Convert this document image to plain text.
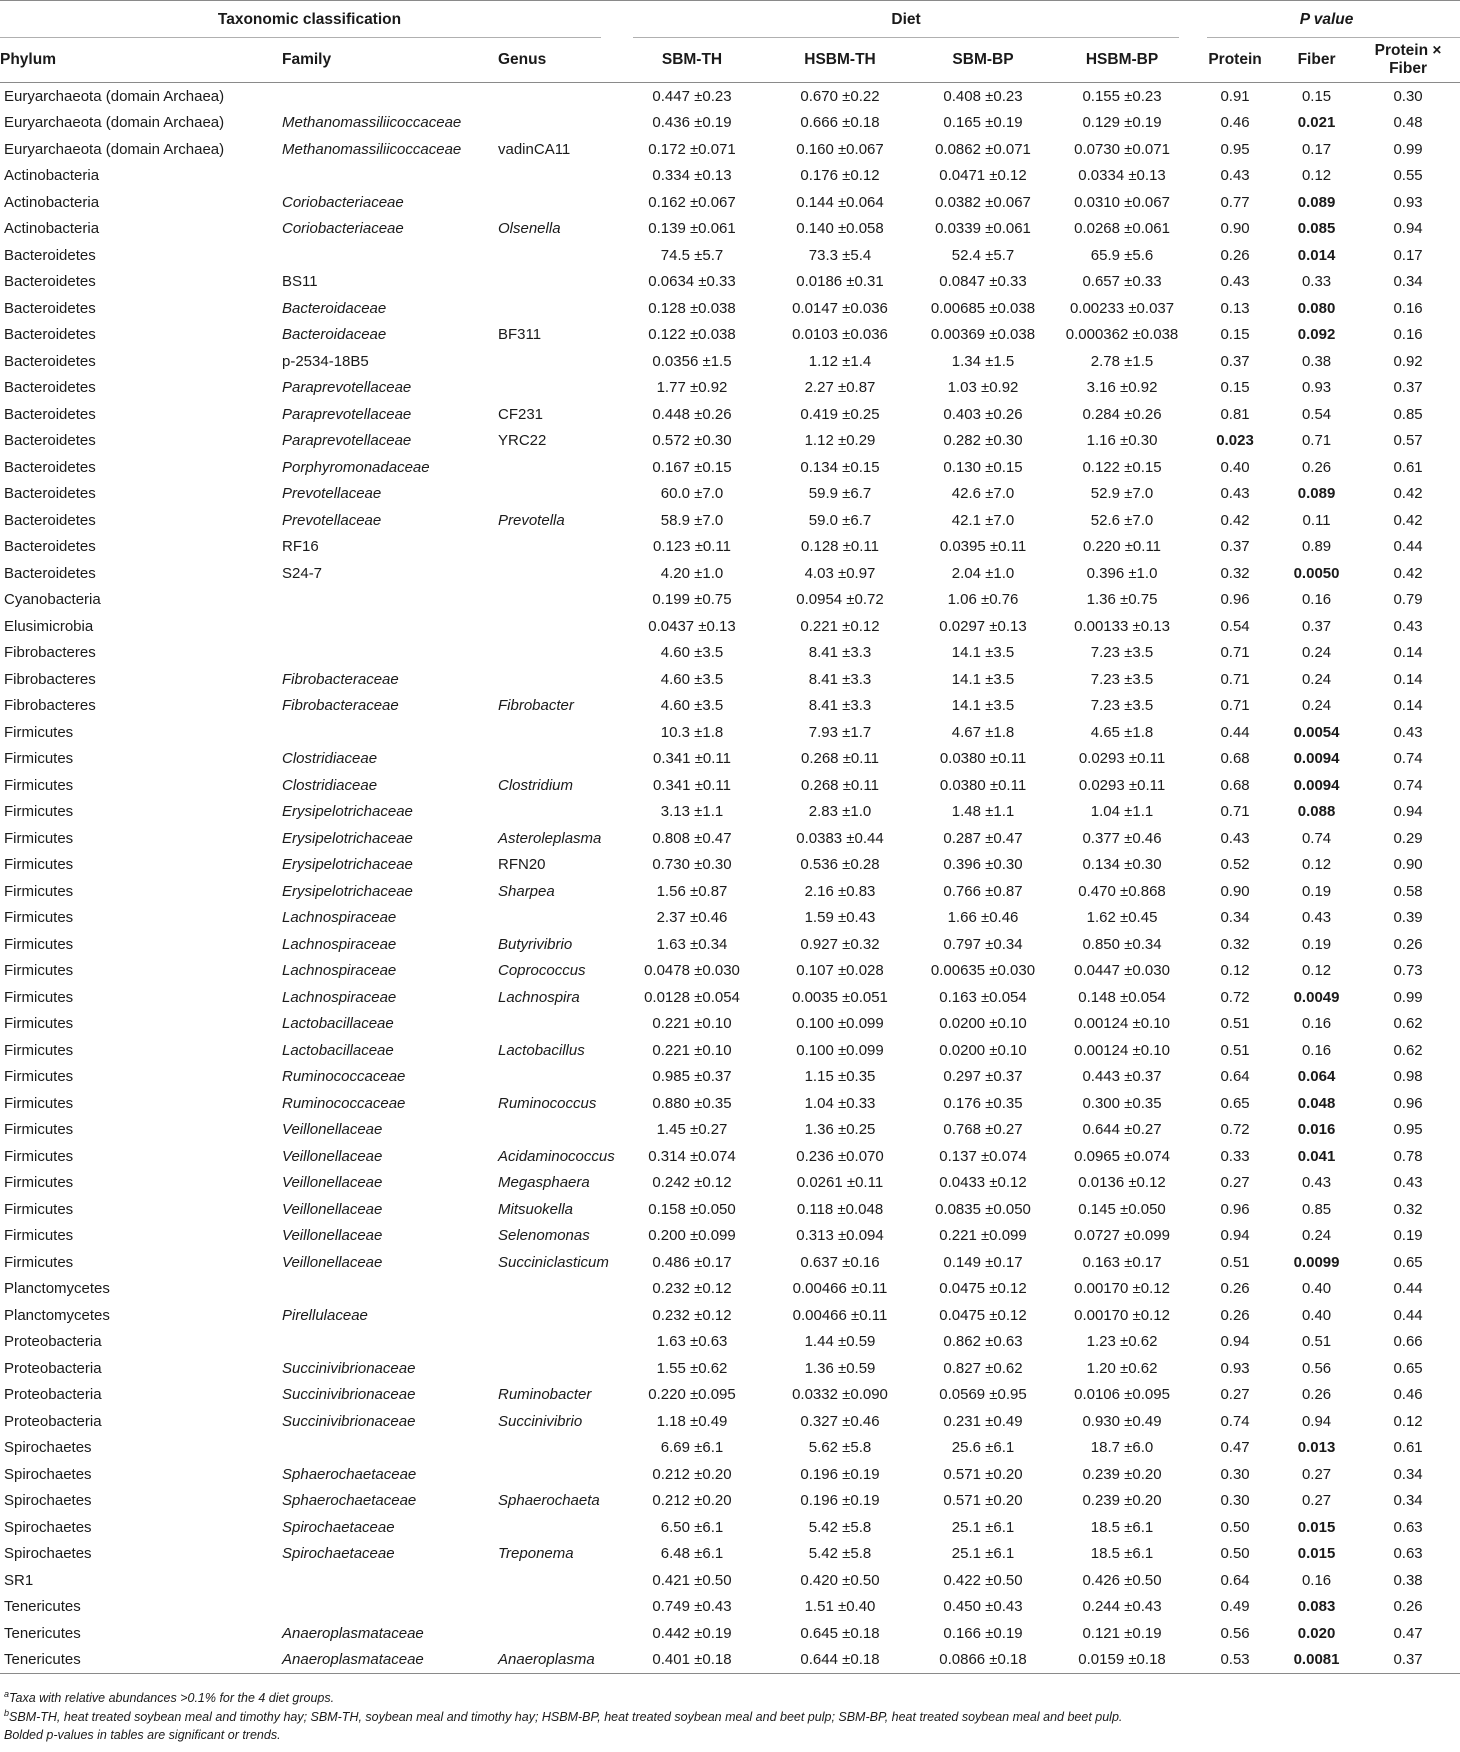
Taxonomic classification			Diet				P value		

Phylum	Family	Genus	SBM-TH	HSBM-TH	SBM-BP	HSBM-BP	Protein	Fiber	Protein × Fiber
Euryarchaeota (domain Archaea)			0.447 ±0.23	0.670 ±0.22	0.408 ±0.23	0.155 ±0.23	0.91	0.15	0.30
Euryarchaeota (domain Archaea)	Methanomassiliicoccaceae		0.436 ±0.19	0.666 ±0.18	0.165 ±0.19	0.129 ±0.19	0.46	0.021	0.48
Euryarchaeota (domain Archaea)	Methanomassiliicoccaceae	vadinCA11	0.172 ±0.071	0.160 ±0.067	0.0862 ±0.071	0.0730 ±0.071	0.95	0.17	0.99
Actinobacteria			0.334 ±0.13	0.176 ±0.12	0.0471 ±0.12	0.0334 ±0.13	0.43	0.12	0.55
Actinobacteria	Coriobacteriaceae		0.162 ±0.067	0.144 ±0.064	0.0382 ±0.067	0.0310 ±0.067	0.77	0.089	0.93
Actinobacteria	Coriobacteriaceae	Olsenella	0.139 ±0.061	0.140 ±0.058	0.0339 ±0.061	0.0268 ±0.061	0.90	0.085	0.94
Bacteroidetes			74.5 ±5.7	73.3 ±5.4	52.4 ±5.7	65.9 ±5.6	0.26	0.014	0.17
Bacteroidetes	BS11		0.0634 ±0.33	0.0186 ±0.31	0.0847 ±0.33	0.657 ±0.33	0.43	0.33	0.34
Bacteroidetes	Bacteroidaceae		0.128 ±0.038	0.0147 ±0.036	0.00685 ±0.038	0.00233 ±0.037	0.13	0.080	0.16
Bacteroidetes	Bacteroidaceae	BF311	0.122 ±0.038	0.0103 ±0.036	0.00369 ±0.038	0.000362 ±0.038	0.15	0.092	0.16
Bacteroidetes	p-2534-18B5		0.0356 ±1.5	1.12 ±1.4	1.34 ±1.5	2.78 ±1.5	0.37	0.38	0.92
Bacteroidetes	Paraprevotellaceae		1.77 ±0.92	2.27 ±0.87	1.03 ±0.92	3.16 ±0.92	0.15	0.93	0.37
Bacteroidetes	Paraprevotellaceae	CF231	0.448 ±0.26	0.419 ±0.25	0.403 ±0.26	0.284 ±0.26	0.81	0.54	0.85
Bacteroidetes	Paraprevotellaceae	YRC22	0.572 ±0.30	1.12 ±0.29	0.282 ±0.30	1.16 ±0.30	0.023	0.71	0.57
Bacteroidetes	Porphyromonadaceae		0.167 ±0.15	0.134 ±0.15	0.130 ±0.15	0.122 ±0.15	0.40	0.26	0.61
Bacteroidetes	Prevotellaceae		60.0 ±7.0	59.9 ±6.7	42.6 ±7.0	52.9 ±7.0	0.43	0.089	0.42
Bacteroidetes	Prevotellaceae	Prevotella	58.9 ±7.0	59.0 ±6.7	42.1 ±7.0	52.6 ±7.0	0.42	0.11	0.42
Bacteroidetes	RF16		0.123 ±0.11	0.128 ±0.11	0.0395 ±0.11	0.220 ±0.11	0.37	0.89	0.44
Bacteroidetes	S24-7		4.20 ±1.0	4.03 ±0.97	2.04 ±1.0	0.396 ±1.0	0.32	0.0050	0.42
Cyanobacteria			0.199 ±0.75	0.0954 ±0.72	1.06 ±0.76	1.36 ±0.75	0.96	0.16	0.79
Elusimicrobia			0.0437 ±0.13	0.221 ±0.12	0.0297 ±0.13	0.00133 ±0.13	0.54	0.37	0.43
Fibrobacteres			4.60 ±3.5	8.41 ±3.3	14.1 ±3.5	7.23 ±3.5	0.71	0.24	0.14
Fibrobacteres	Fibrobacteraceae		4.60 ±3.5	8.41 ±3.3	14.1 ±3.5	7.23 ±3.5	0.71	0.24	0.14
Fibrobacteres	Fibrobacteraceae	Fibrobacter	4.60 ±3.5	8.41 ±3.3	14.1 ±3.5	7.23 ±3.5	0.71	0.24	0.14
Firmicutes			10.3 ±1.8	7.93 ±1.7	4.67 ±1.8	4.65 ±1.8	0.44	0.0054	0.43
Firmicutes	Clostridiaceae		0.341 ±0.11	0.268 ±0.11	0.0380 ±0.11	0.0293 ±0.11	0.68	0.0094	0.74
Firmicutes	Clostridiaceae	Clostridium	0.341 ±0.11	0.268 ±0.11	0.0380 ±0.11	0.0293 ±0.11	0.68	0.0094	0.74
Firmicutes	Erysipelotrichaceae		3.13 ±1.1	2.83 ±1.0	1.48 ±1.1	1.04 ±1.1	0.71	0.088	0.94
Firmicutes	Erysipelotrichaceae	Asteroleplasma	0.808 ±0.47	0.0383 ±0.44	0.287 ±0.47	0.377 ±0.46	0.43	0.74	0.29
Firmicutes	Erysipelotrichaceae	RFN20	0.730 ±0.30	0.536 ±0.28	0.396 ±0.30	0.134 ±0.30	0.52	0.12	0.90
Firmicutes	Erysipelotrichaceae	Sharpea	1.56 ±0.87	2.16 ±0.83	0.766 ±0.87	0.470 ±0.868	0.90	0.19	0.58
Firmicutes	Lachnospiraceae		2.37 ±0.46	1.59 ±0.43	1.66 ±0.46	1.62 ±0.45	0.34	0.43	0.39
Firmicutes	Lachnospiraceae	Butyrivibrio	1.63 ±0.34	0.927 ±0.32	0.797 ±0.34	0.850 ±0.34	0.32	0.19	0.26
Firmicutes	Lachnospiraceae	Coprococcus	0.0478 ±0.030	0.107 ±0.028	0.00635 ±0.030	0.0447 ±0.030	0.12	0.12	0.73
Firmicutes	Lachnospiraceae	Lachnospira	0.0128 ±0.054	0.0035 ±0.051	0.163 ±0.054	0.148 ±0.054	0.72	0.0049	0.99
Firmicutes	Lactobacillaceae		0.221 ±0.10	0.100 ±0.099	0.0200 ±0.10	0.00124 ±0.10	0.51	0.16	0.62
Firmicutes	Lactobacillaceae	Lactobacillus	0.221 ±0.10	0.100 ±0.099	0.0200 ±0.10	0.00124 ±0.10	0.51	0.16	0.62
Firmicutes	Ruminococcaceae		0.985 ±0.37	1.15 ±0.35	0.297 ±0.37	0.443 ±0.37	0.64	0.064	0.98
Firmicutes	Ruminococcaceae	Ruminococcus	0.880 ±0.35	1.04 ±0.33	0.176 ±0.35	0.300 ±0.35	0.65	0.048	0.96
Firmicutes	Veillonellaceae		1.45 ±0.27	1.36 ±0.25	0.768 ±0.27	0.644 ±0.27	0.72	0.016	0.95
Firmicutes	Veillonellaceae	Acidaminococcus	0.314 ±0.074	0.236 ±0.070	0.137 ±0.074	0.0965 ±0.074	0.33	0.041	0.78
Firmicutes	Veillonellaceae	Megasphaera	0.242 ±0.12	0.0261 ±0.11	0.0433 ±0.12	0.0136 ±0.12	0.27	0.43	0.43
Firmicutes	Veillonellaceae	Mitsuokella	0.158 ±0.050	0.118 ±0.048	0.0835 ±0.050	0.145 ±0.050	0.96	0.85	0.32
Firmicutes	Veillonellaceae	Selenomonas	0.200 ±0.099	0.313 ±0.094	0.221 ±0.099	0.0727 ±0.099	0.94	0.24	0.19
Firmicutes	Veillonellaceae	Succiniclasticum	0.486 ±0.17	0.637 ±0.16	0.149 ±0.17	0.163 ±0.17	0.51	0.0099	0.65
Planctomycetes			0.232 ±0.12	0.00466 ±0.11	0.0475 ±0.12	0.00170 ±0.12	0.26	0.40	0.44
Planctomycetes	Pirellulaceae		0.232 ±0.12	0.00466 ±0.11	0.0475 ±0.12	0.00170 ±0.12	0.26	0.40	0.44
Proteobacteria			1.63 ±0.63	1.44 ±0.59	0.862 ±0.63	1.23 ±0.62	0.94	0.51	0.66
Proteobacteria	Succinivibrionaceae		1.55 ±0.62	1.36 ±0.59	0.827 ±0.62	1.20 ±0.62	0.93	0.56	0.65
Proteobacteria	Succinivibrionaceae	Ruminobacter	0.220 ±0.095	0.0332 ±0.090	0.0569 ±0.95	0.0106 ±0.095	0.27	0.26	0.46
Proteobacteria	Succinivibrionaceae	Succinivibrio	1.18 ±0.49	0.327 ±0.46	0.231 ±0.49	0.930 ±0.49	0.74	0.94	0.12
Spirochaetes			6.69 ±6.1	5.62 ±5.8	25.6 ±6.1	18.7 ±6.0	0.47	0.013	0.61
Spirochaetes	Sphaerochaetaceae		0.212 ±0.20	0.196 ±0.19	0.571 ±0.20	0.239 ±0.20	0.30	0.27	0.34
Spirochaetes	Sphaerochaetaceae	Sphaerochaeta	0.212 ±0.20	0.196 ±0.19	0.571 ±0.20	0.239 ±0.20	0.30	0.27	0.34
Spirochaetes	Spirochaetaceae		6.50 ±6.1	5.42 ±5.8	25.1 ±6.1	18.5 ±6.1	0.50	0.015	0.63
Spirochaetes	Spirochaetaceae	Treponema	6.48 ±6.1	5.42 ±5.8	25.1 ±6.1	18.5 ±6.1	0.50	0.015	0.63
SR1			0.421 ±0.50	0.420 ±0.50	0.422 ±0.50	0.426 ±0.50	0.64	0.16	0.38
Tenericutes			0.749 ±0.43	1.51 ±0.40	0.450 ±0.43	0.244 ±0.43	0.49	0.083	0.26
Tenericutes	Anaeroplasmataceae		0.442 ±0.19	0.645 ±0.18	0.166 ±0.19	0.121 ±0.19	0.56	0.020	0.47
Tenericutes	Anaeroplasmataceae	Anaeroplasma	0.401 ±0.18	0.644 ±0.18	0.0866 ±0.18	0.0159 ±0.18	0.53	0.0081	0.37
$^a$Taxa with relative abundances >0.1% for the 4 diet groups.
$^b$SBM-TH, heat treated soybean meal and timothy hay; SBM-TH, soybean meal and timothy hay; HSBM-BP, heat treated soybean meal and beet pulp; SBM-BP, heat treated soybean meal and beet pulp.
Bolded p-values in tables are significant or trends.
